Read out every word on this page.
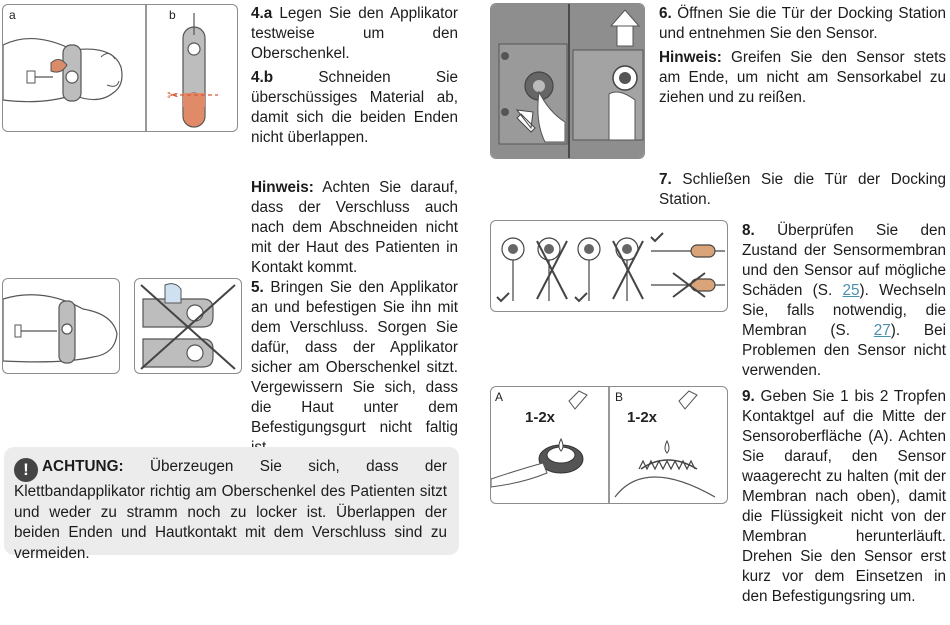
a	b
✂

4.a Legen Sie den Applikator testweise um den Oberschenkel.

4.b Schneiden Sie überschüssiges Material ab, damit sich die beiden Enden nicht überlappen.

Hinweis: Achten Sie darauf, dass der Verschluss auch nach dem Abschneiden nicht mit der Haut des Patienten in Kontakt kommt.

5. Bringen Sie den Applikator an und befestigen Sie ihn mit dem Verschluss. Sorgen Sie dafür, dass der Applikator sicher am Oberschenkel sitzt. Vergewissern Sie sich, dass die Haut unter dem Befestigungsgurt nicht faltig

! ACHTUNG: Überzeugen Sie sich, dass der Klettbandapplikator richtig am Oberschenkel des Patienten sitzt und weder zu stramm noch zu locker ist. Überlappen der beiden Enden und Hautkontakt mit dem Verschluss sind zu vermeiden.
A	B
1-2x	1-2x

6. Öffnen Sie die Tür der Docking Station und entnehmen Sie den Sensor.

Hinweis: Greifen Sie den Sensor stets am Ende, um nicht am Sensorkabel zu ziehen und zu reißen.

7. Schließen Sie die Tür der Docking Station.

8. Überprüfen Sie den Zustand der Sensormembran und den Sensor auf mögliche Schäden (S. 25). Wechseln Sie, falls notwendig, die Membran (S. 27). Bei Problemen den Sensor nicht verwenden.

9. Geben Sie 1 bis 2 Tropfen Kontaktgel auf die Mitte der Sensoroberfläche (A). Achten Sie darauf, den Sensor waagerecht zu halten (mit der Membran nach oben), damit die Flüssigkeit nicht von der Membran herunterläuft. Drehen Sie den Sensor erst kurz vor dem Einsetzen in den Befestigungsring um.
